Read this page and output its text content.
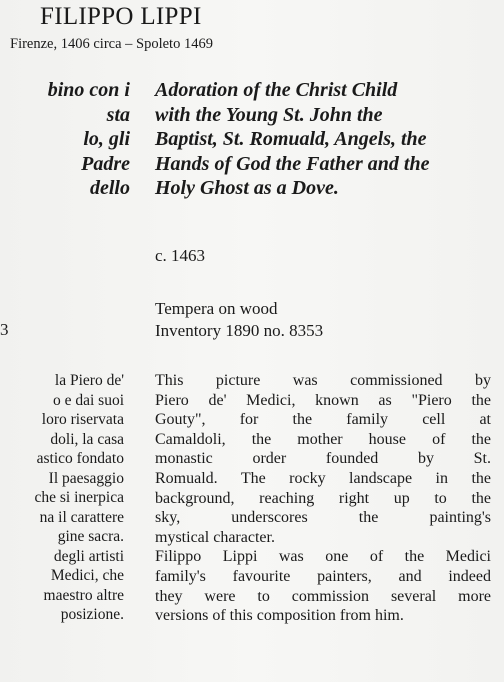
FILIPPO LIPPI
Firenze, 1406 circa – Spoleto 1469
bino con i
sta
lo, gli
Padre
dello
Adoration of the Christ Child
with the Young St. John the
Baptist, St. Romuald, Angels, the
Hands of God the Father and the
Holy Ghost as a Dove.
c. 1463
Tempera on wood
Inventory 1890 no. 8353
3
la Piero de'
o e dai suoi
loro riservata
doli, la casa
astico fondato
Il paesaggio
che si inerpica
na il carattere
gine sacra.
degli artisti
Medici, che
maestro altre
posizione.
This picture was commissioned by
Piero de' Medici, known as "Piero the
Gouty", for the family cell at
Camaldoli, the mother house of the
monastic order founded by St.
Romuald. The rocky landscape in the
background, reaching right up to the
sky, underscores the painting's
mystical character.
Filippo Lippi was one of the Medici
family's favourite painters, and indeed
they were to commission several more
versions of this composition from him.
